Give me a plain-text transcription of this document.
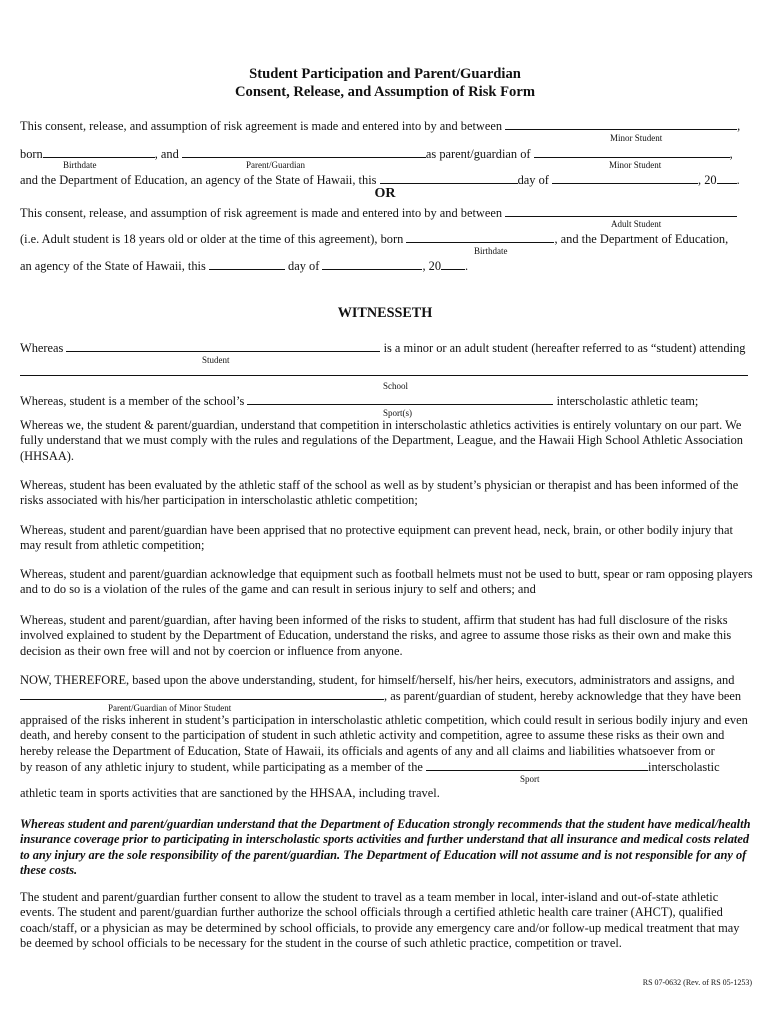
Student Participation and Parent/Guardian
Consent, Release, and Assumption of Risk Form
This consent, release, and assumption of risk agreement is made and entered into by and between	,
Minor Student
born	, and	as parent/guardian of	,
Birthdate	Parent/Guardian	Minor Student
and the Department of Education, an agency of the State of Hawaii, this	day of	, 20 .
OR
This consent, release, and assumption of risk agreement is made and entered into by and between
Adult Student
(i.e. Adult student is 18 years old or older at the time of this agreement), born	, and the Department of Education,
Birthdate
an agency of the State of Hawaii, this	day of	, 20 .
WITNESSETH
Whereas	is a minor or an adult student (hereafter referred to as “student) attending
Student
School
Whereas, student is a member of the school’s	interscholastic athletic team;
Sport(s)
Whereas we, the student & parent/guardian, understand that competition in interscholastic athletics activities is entirely voluntary on our part. We fully understand that we must comply with the rules and regulations of the Department, League, and the Hawaii High School Athletic Association (HHSAA).
Whereas, student has been evaluated by the athletic staff of the school as well as by student’s physician or therapist and has been informed of the risks associated with his/her participation in interscholastic athletic competition;
Whereas, student and parent/guardian have been apprised that no protective equipment can prevent head, neck, brain, or other bodily injury that may result from athletic competition;
Whereas, student and parent/guardian acknowledge that equipment such as football helmets must not be used to butt, spear or ram opposing players and to do so is a violation of the rules of the game and can result in serious injury to self and others; and
Whereas, student and parent/guardian, after having been informed of the risks to student, affirm that student has had full disclosure of the risks involved explained to student by the Department of Education, understand the risks, and agree to assume those risks as their own and make this decision as their own free will and not by coercion or influence from anyone.
NOW, THEREFORE, based upon the above understanding, student, for himself/herself, his/her heirs, executors, administrators and assigns, and
, as parent/guardian of student, hereby acknowledge that they have been
Parent/Guardian of Minor Student
appraised of the risks inherent in student’s participation in interscholastic athletic competition, which could result in serious bodily injury and even death, and hereby consent to the participation of student in such athletic activity and competition, agree to assume these risks as their own and hereby release the Department of Education, State of Hawaii, its officials and agents of any and all claims and liabilities whatsoever from or
by reason of any athletic injury to student, while participating as a member of the	interscholastic
Sport
athletic team in sports activities that are sanctioned by the HHSAA, including travel.
Whereas student and parent/guardian understand that the Department of Education strongly recommends that the student have medical/health insurance coverage prior to participating in interscholastic sports activities and further understand that all insurance and medical costs related to any injury are the sole responsibility of the parent/guardian. The Department of Education will not assume and is not responsible for any of these costs.
The student and parent/guardian further consent to allow the student to travel as a team member in local, inter-island and out-of-state athletic events. The student and parent/guardian further authorize the school officials through a certified athletic health care trainer (AHCT), qualified coach/staff, or a physician as may be determined by school officials, to provide any emergency care and/or follow-up medical treatment that may be deemed by school officials to be necessary for the student in the course of such athletic practice, competition or travel.
RS 07-0632 (Rev. of RS 05-1253)
